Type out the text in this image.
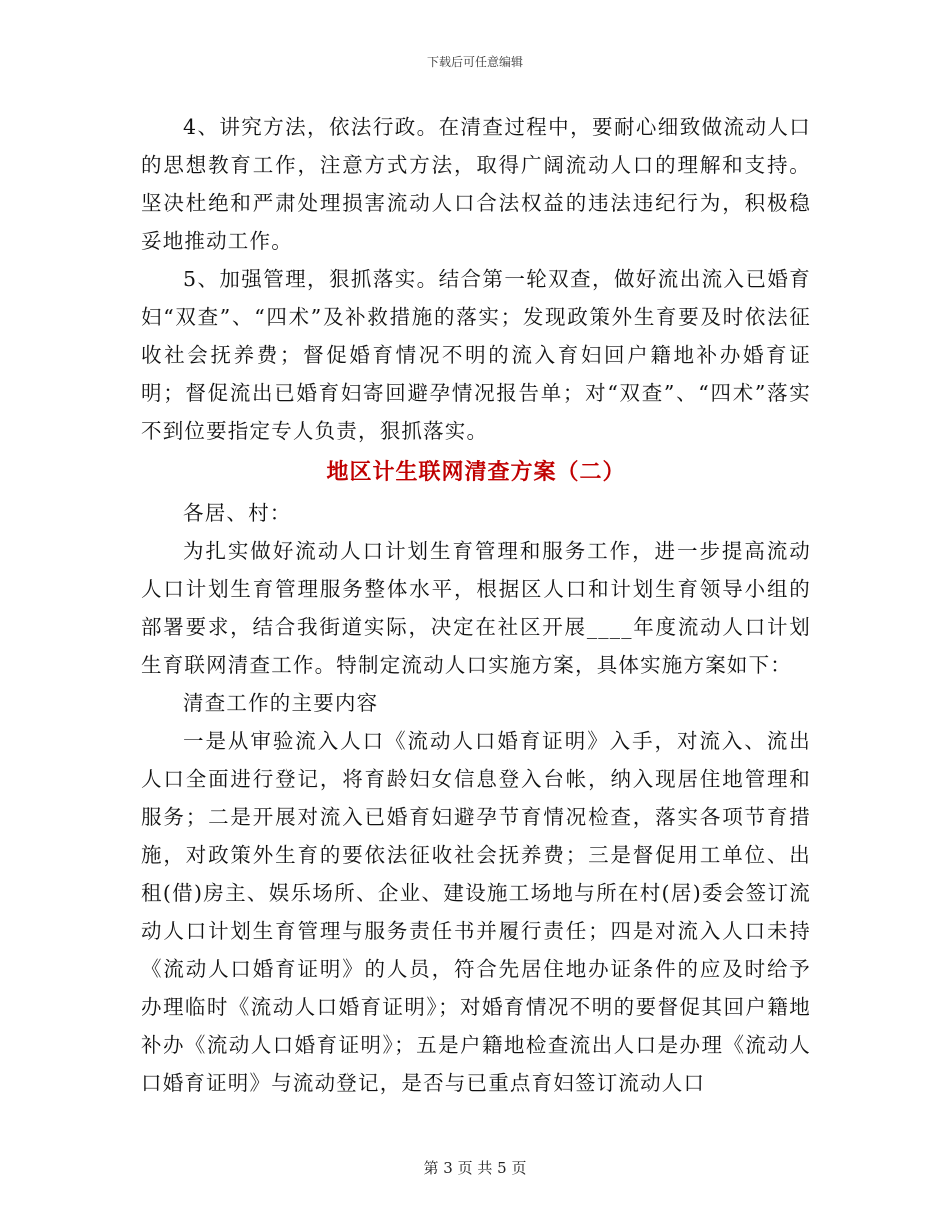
下载后可任意编辑

4、讲究方法，依法行政。在清查过程中，要耐心细致做流动人口的思想教育工作，注意方式方法，取得广阔流动人口的理解和支持。坚决杜绝和严肃处理损害流动人口合法权益的违法违纪行为，积极稳妥地推动工作。

5、加强管理，狠抓落实。结合第一轮双查，做好流出流入已婚育妇“双查”、“四术”及补救措施的落实；发现政策外生育要及时依法征收社会抚养费；督促婚育情况不明的流入育妇回户籍地补办婚育证明；督促流出已婚育妇寄回避孕情况报告单；对“双查”、“四术”落实不到位要指定专人负责，狠抓落实。

地区计生联网清查方案（二）

各居、村：

为扎实做好流动人口计划生育管理和服务工作，进一步提高流动人口计划生育管理服务整体水平，根据区人口和计划生育领导小组的部署要求，结合我街道实际，决定在社区开展____年度流动人口计划生育联网清查工作。特制定流动人口实施方案，具体实施方案如下：

清查工作的主要内容

一是从审验流入人口《流动人口婚育证明》入手，对流入、流出人口全面进行登记，将育龄妇女信息登入台帐，纳入现居住地管理和服务；二是开展对流入已婚育妇避孕节育情况检查，落实各项节育措施，对政策外生育的要依法征收社会抚养费；三是督促用工单位、出租(借)房主、娱乐场所、企业、建设施工场地与所在村(居)委会签订流动人口计划生育管理与服务责任书并履行责任；四是对流入人口未持《流动人口婚育证明》的人员，符合先居住地办证条件的应及时给予办理临时《流动人口婚育证明》；对婚育情况不明的要督促其回户籍地补办《流动人口婚育证明》；五是户籍地检查流出人口是办理《流动人口婚育证明》与流动登记，是否与已重点育妇签订流动人口

第 3 页 共 5 页
